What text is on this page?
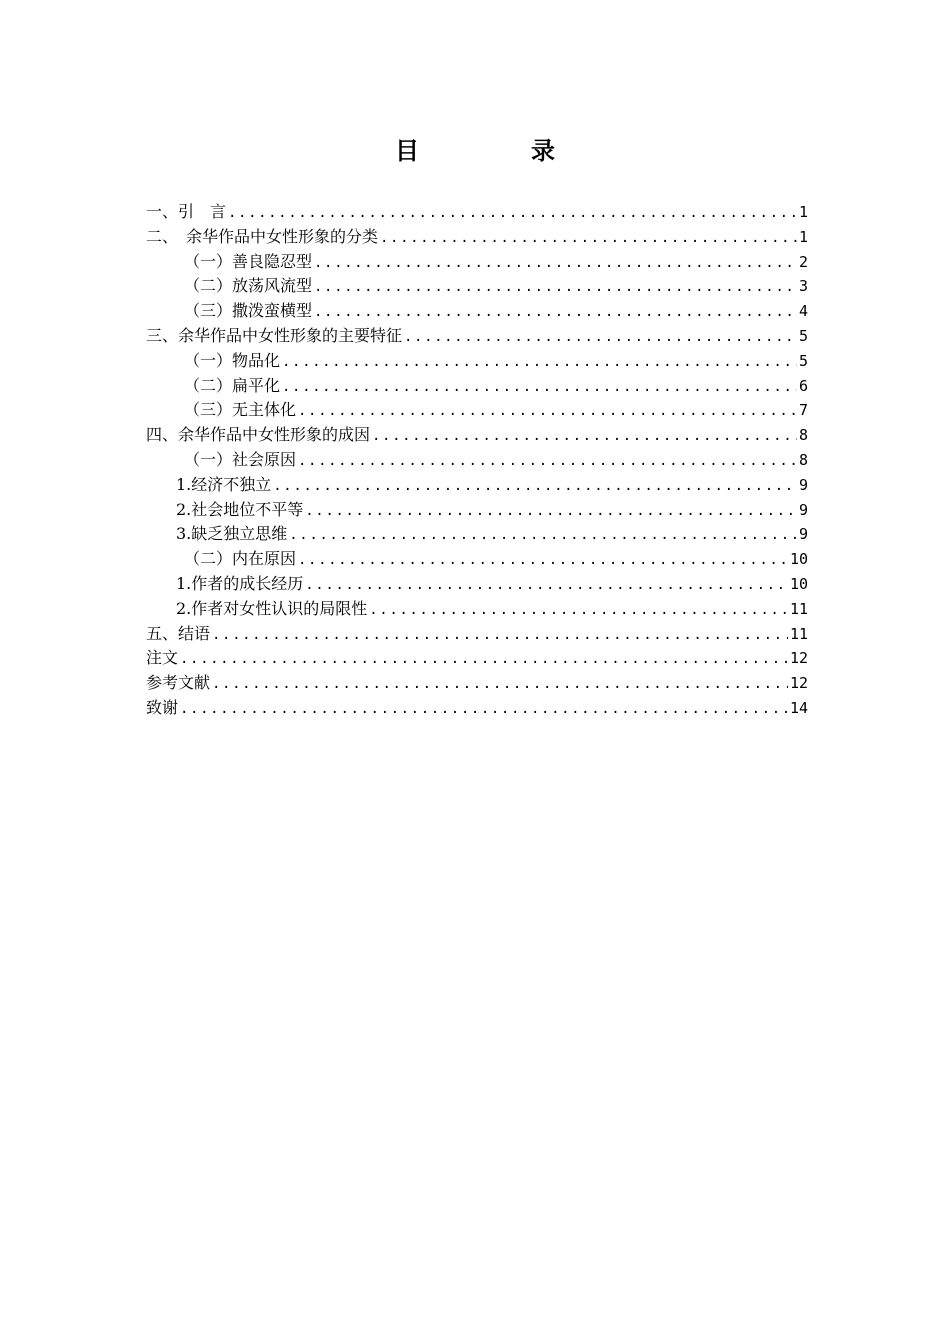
目　录
一、引　言 .....	1
二、　余华作品中女性形象的分类 .....	1
（一）善良隐忍型 .....	2
（二）放荡风流型 .....	3
（三）撒泼蛮横型 .....	4
三、余华作品中女性形象的主要特征 .....	5
（一）物品化 .....	5
（二）扁平化 .....	6
（三）无主体化 .....	7
四、余华作品中女性形象的成因 .....	8
（一）社会原因 .....	8
1.经济不独立 .....	9
2.社会地位不平等 .....	9
3.缺乏独立思维 .....	9
（二）内在原因 .....	10
1.作者的成长经历 .....	10
2.作者对女性认识的局限性 .....	11
五、结语 .....	11
注文 .....	12
参考文献 .....	12
致谢 .....	14
